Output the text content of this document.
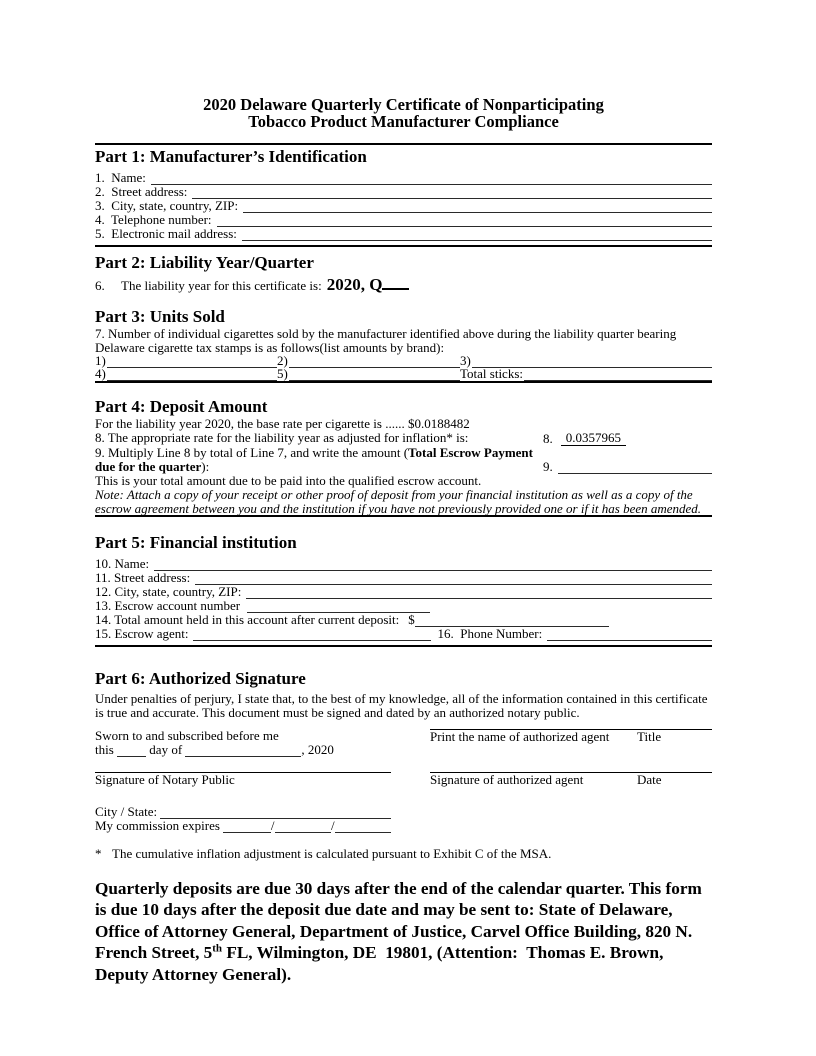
2020 Delaware Quarterly Certificate of Nonparticipating
Tobacco Product Manufacturer Compliance
Part 1: Manufacturer’s Identification
1.  Name:
2.  Street address:
3.  City, state, country, ZIP:
4.  Telephone number:
5.  Electronic mail address:
Part 2: Liability Year/Quarter
6.	The liability year for this certificate is: 2020, Q
Part 3: Units Sold
7. Number of individual cigarettes sold by the manufacturer identified above during the liability quarter bearing Delaware cigarette tax stamps is as follows(list amounts by brand):
1)	2)	3)
4)	5)	Total sticks:
Part 4: Deposit Amount
For the liability year 2020, the base rate per cigarette is ...... $0.0188482
8. The appropriate rate for the liability year as adjusted for inflation* is:	8.	0.0357965
9. Multiply Line 8 by total of Line 7, and write the amount (Total Escrow Payment due for the quarter):	9.
This is your total amount due to be paid into the qualified escrow account.
Note: Attach a copy of your receipt or other proof of deposit from your financial institution as well as a copy of the escrow agreement between you and the institution if you have not previously provided one or if it has been amended.
Part 5: Financial institution
10. Name:
11. Street address:
12. City, state, country, ZIP:
13. Escrow account number
14. Total amount held in this account after current deposit: $
15. Escrow agent:	16.  Phone Number:
Part 6: Authorized Signature
Under penalties of perjury, I state that, to the best of my knowledge, all of the information contained in this certificate is true and accurate. This document must be signed and dated by an authorized notary public.
Sworn to and subscribed before me
this day of	, 2020
Signature of Notary Public
City / State:
My commission expires	/	/
Print the name of authorized agent	Title
Signature of authorized agent	Date
* The cumulative inflation adjustment is calculated pursuant to Exhibit C of the MSA.
Quarterly deposits are due 30 days after the end of the calendar quarter. This form is due 10 days after the deposit due date and may be sent to: State of Delaware,  Office of Attorney General, Department of Justice, Carvel Office Building, 820 N. French Street, 5th FL, Wilmington, DE  19801, (Attention:  Thomas E. Brown, Deputy Attorney General).
